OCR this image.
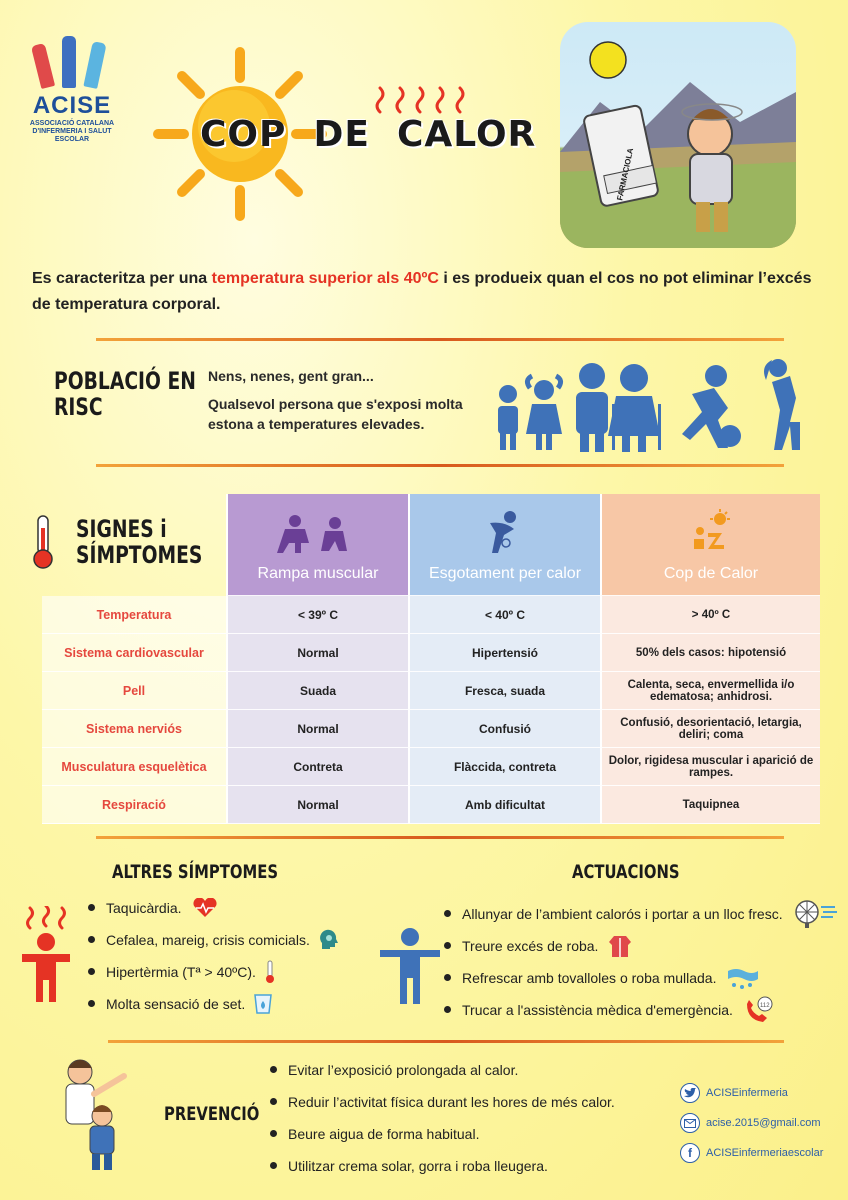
ACISE
ASSOCIACIÓ CATALANA
D'INFERMERIA I SALUT ESCOLAR	COP  DE  CALOR
FARMACIOLA
Es caracteritza per una temperatura superior als 40ºC i es produeix quan el cos no pot eliminar l’excés de temperatura corporal.
POBLACIÓ EN
RISC
Nens, nenes, gent gran...
Qualsevol persona que s'exposi molta
estona a temperatures elevades.
SIGNES i
SÍMPTOMES
Rampa muscular	Esgotament per calor	Cop de Calor
Temperatura	< 39º C	< 40º C	> 40º C
Sistema cardiovascular	Normal	Hipertensió	50% dels casos: hipotensió
Pell	Suada	Fresca, suada	Calenta, seca, envermellida i/o edematosa; anhidrosi.
Sistema nerviós	Normal	Confusió	Confusió, desorientació, letargia, deliri; coma
Musculatura esquelètica	Contreta	Flàccida, contreta	Dolor, rigidesa muscular i aparició de rampes.
Respiració	Normal	Amb dificultat	Taquipnea
ALTRES SÍMPTOMES
Taquicàrdia.
Cefalea, mareig, crisis comicials.
Hipertèrmia (Tª > 40ºC).
Molta sensació de set.
ACTUACIONS
Allunyar de l’ambient calorós i portar a un lloc fresc.
Treure excés de roba.
Refrescar amb tovalloles o roba mullada.
Trucar a l'assistència mèdica d'emergència.	112
PREVENCIÓ
Evitar l’exposició prolongada al calor.
Reduir l’activitat física durant les hores de més calor.
Beure aigua de forma habitual.
Utilitzar crema solar, gorra i roba lleugera.
ACISEinfermeria
acise.2015@gmail.com
f	ACISEinfermeriaescolar
